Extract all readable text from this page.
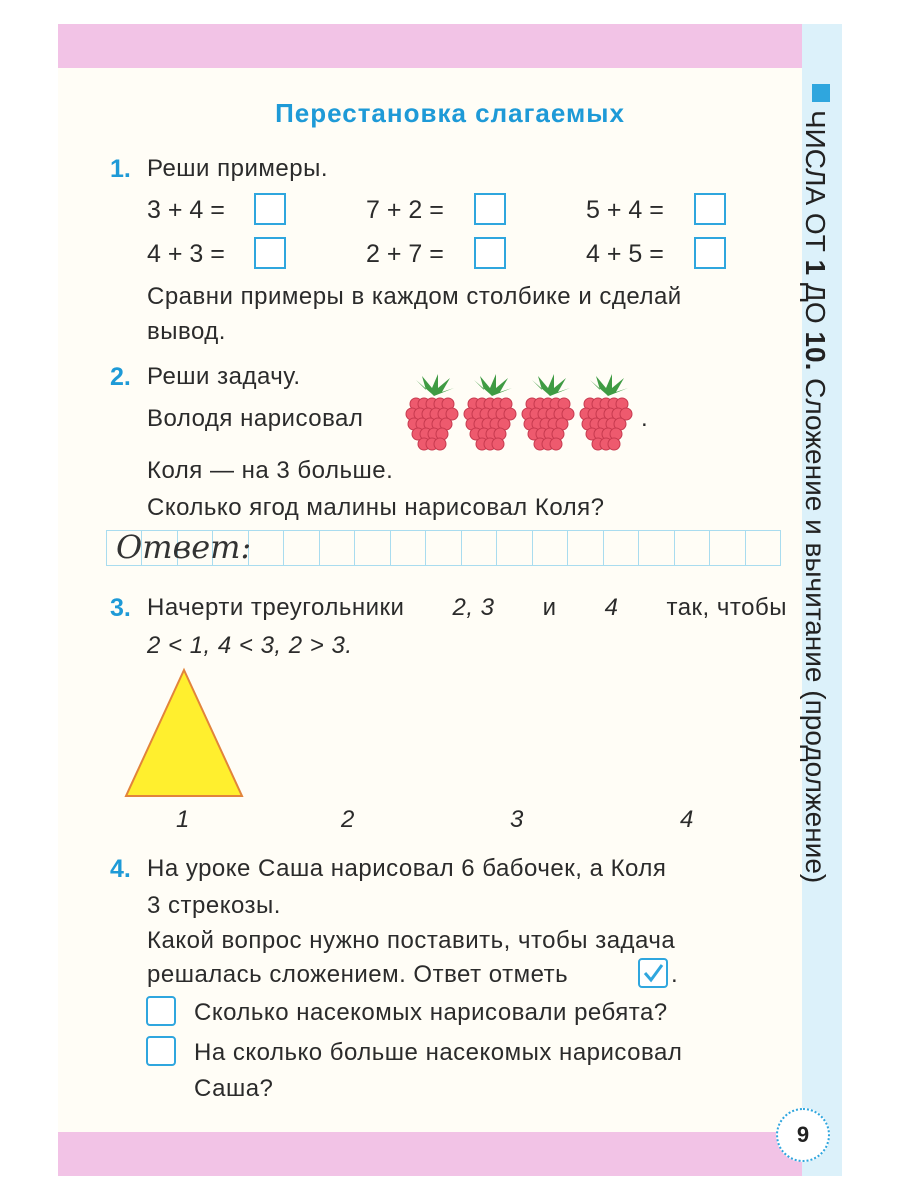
ЧИСЛА ОТ 1 ДО 10. Сложение и вычитание (продолжение)
9
Перестановка слагаемых
1. Реши примеры.
3 + 4 =	7 + 2 =	5 + 4 =
4 + 3 =	2 + 7 =	4 + 5 =
Сравни примеры в каждом столбике и сделай
вывод.
2. Реши задачу.
Володя нарисовал	.
Коля — на 3 больше.
Сколько ягод малины нарисовал Коля?
Ответ:
3. Начерти треугольники 2, 3 и 4 так, чтобы
2 < 1, 4 < 3, 2 > 3.
1	2	3	4
4. На уроке Саша нарисовал 6 бабочек, а Коля
3 стрекозы.
Какой вопрос нужно поставить, чтобы задача
решалась сложением. Ответ отметь	.
Сколько насекомых нарисовали ребята?
На сколько больше насекомых нарисовал
Саша?
